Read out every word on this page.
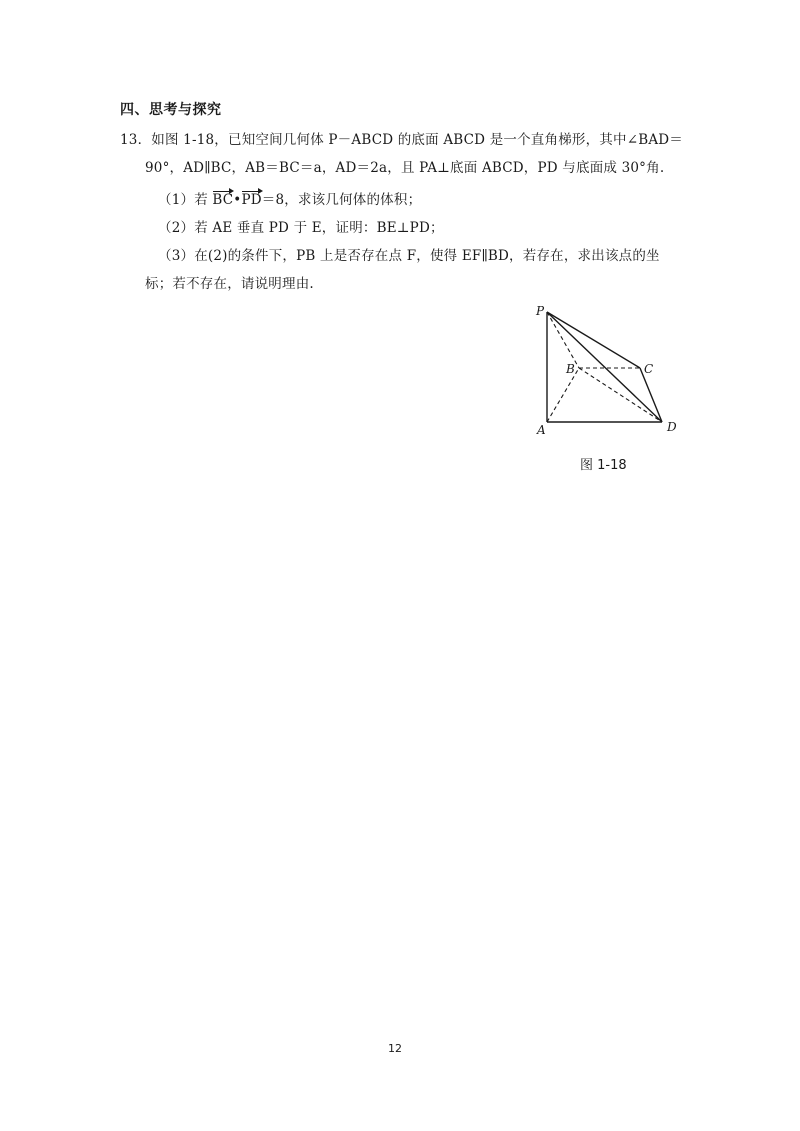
四、思考与探究
13．如图 1-18，已知空间几何体 P－ABCD 的底面 ABCD 是一个直角梯形，其中∠BAD＝
90°，AD∥BC，AB＝BC＝a，AD＝2a，且 PA⊥底面 ABCD，PD 与底面成 30°角.
（1）若 BC•PD＝8，求该几何体的体积；
（2）若 AE 垂直 PD 于 E，证明：BE⊥PD；
（3）在(2)的条件下，PB 上是否存在点 F，使得 EF∥BD，若存在，求出该点的坐
标；若不存在，请说明理由.
P
B	C
A	D
图 1-18
12
